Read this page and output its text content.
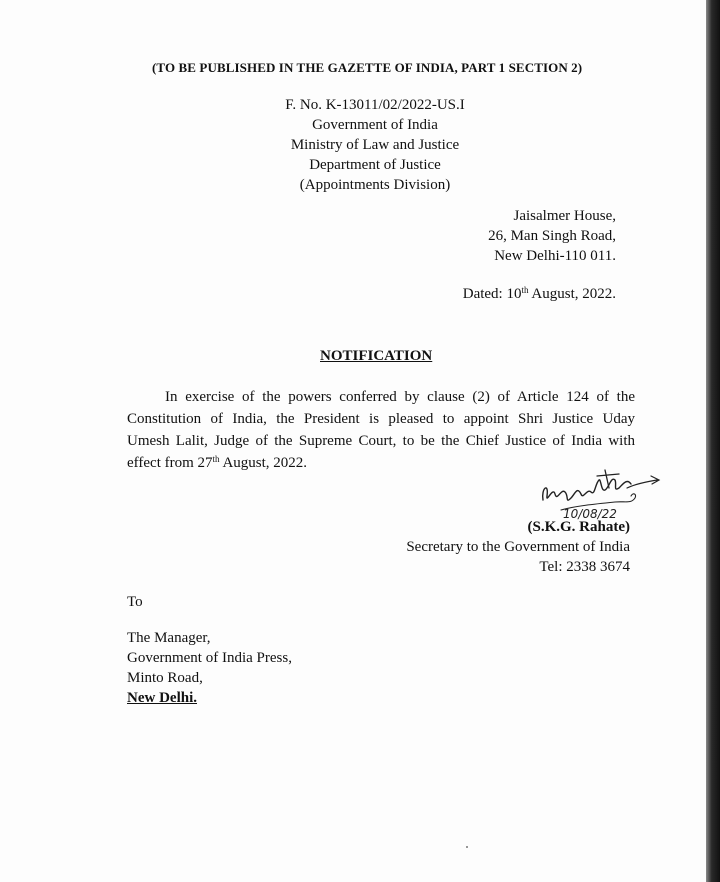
(TO BE PUBLISHED IN THE GAZETTE OF INDIA, PART 1 SECTION 2)
F. No. K-13011/02/2022-US.I
Government of India
Ministry of Law and Justice
Department of Justice
(Appointments Division)
Jaisalmer House,
26, Man Singh Road,
New Delhi-110 011.
Dated: 10th August, 2022.
NOTIFICATION
In exercise of the powers conferred by clause (2) of Article 124 of the
Constitution of India, the President is pleased to appoint Shri Justice Uday
Umesh Lalit, Judge of the Supreme Court, to be the Chief Justice of India with
effect from 27th August, 2022.
10/08/22
(S.K.G. Rahate)
Secretary to the Government of India
Tel: 2338 3674
To
The Manager,
Government of India Press,
Minto Road,
New Delhi.
